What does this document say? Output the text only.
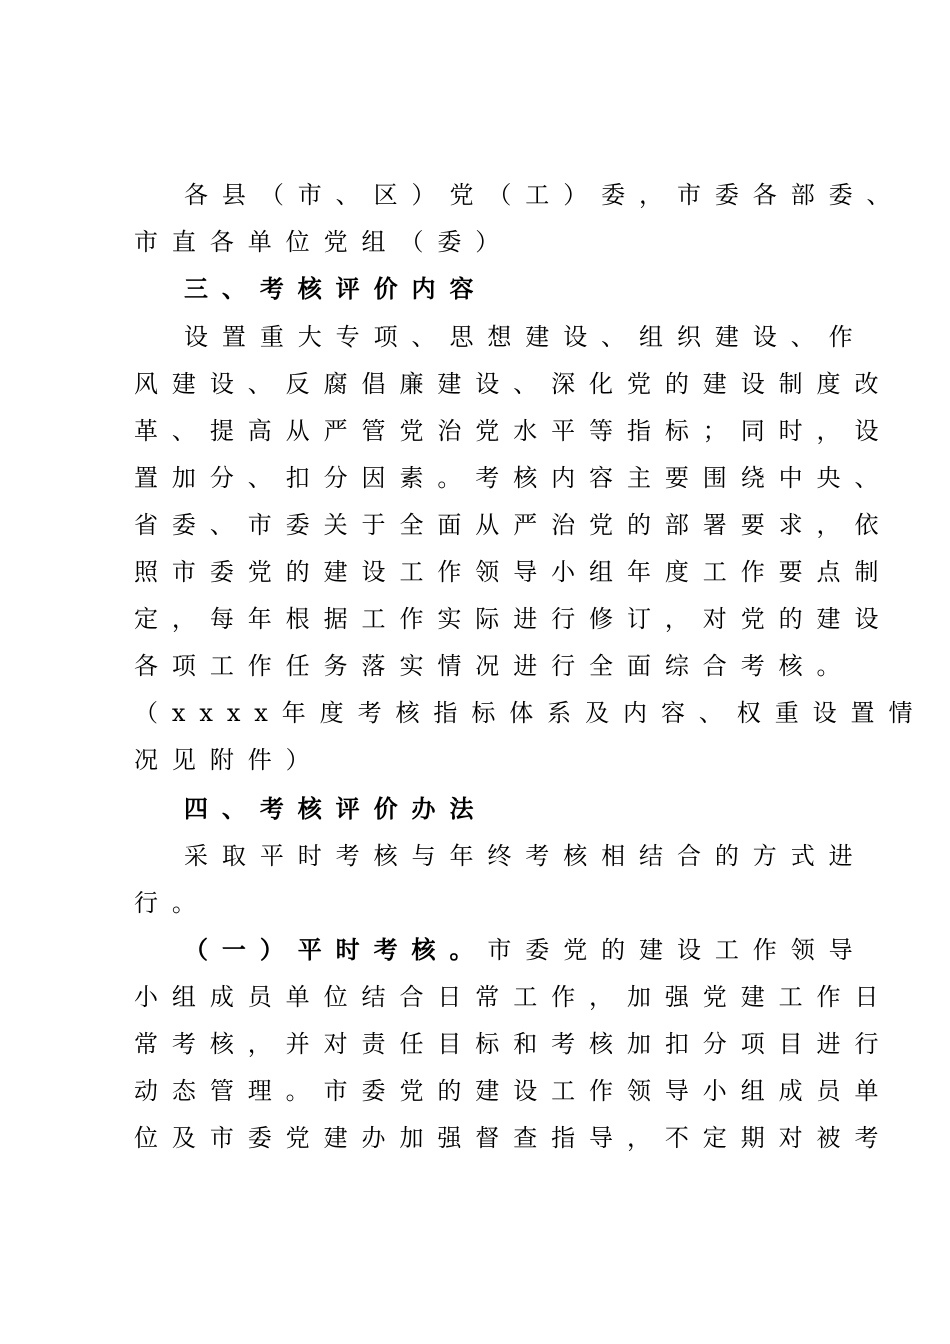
各县（市、区）党（工）委，市委各部委、
市直各单位党组（委）
三、考核评价内容
设置重大专项、思想建设、组织建设、作
风建设、反腐倡廉建设、深化党的建设制度改
革、提高从严管党治党水平等指标；同时，设
置加分、扣分因素。考核内容主要围绕中央、
省委、市委关于全面从严治党的部署要求，依
照市委党的建设工作领导小组年度工作要点制
定，每年根据工作实际进行修订，对党的建设
各项工作任务落实情况进行全面综合考核。
（xxxx年度考核指标体系及内容、权重设置情
况见附件）
四、考核评价办法
采取平时考核与年终考核相结合的方式进
行。
（一）平时考核。市委党的建设工作领导
小组成员单位结合日常工作，加强党建工作日
常考核，并对责任目标和考核加扣分项目进行
动态管理。市委党的建设工作领导小组成员单
位及市委党建办加强督查指导，不定期对被考
